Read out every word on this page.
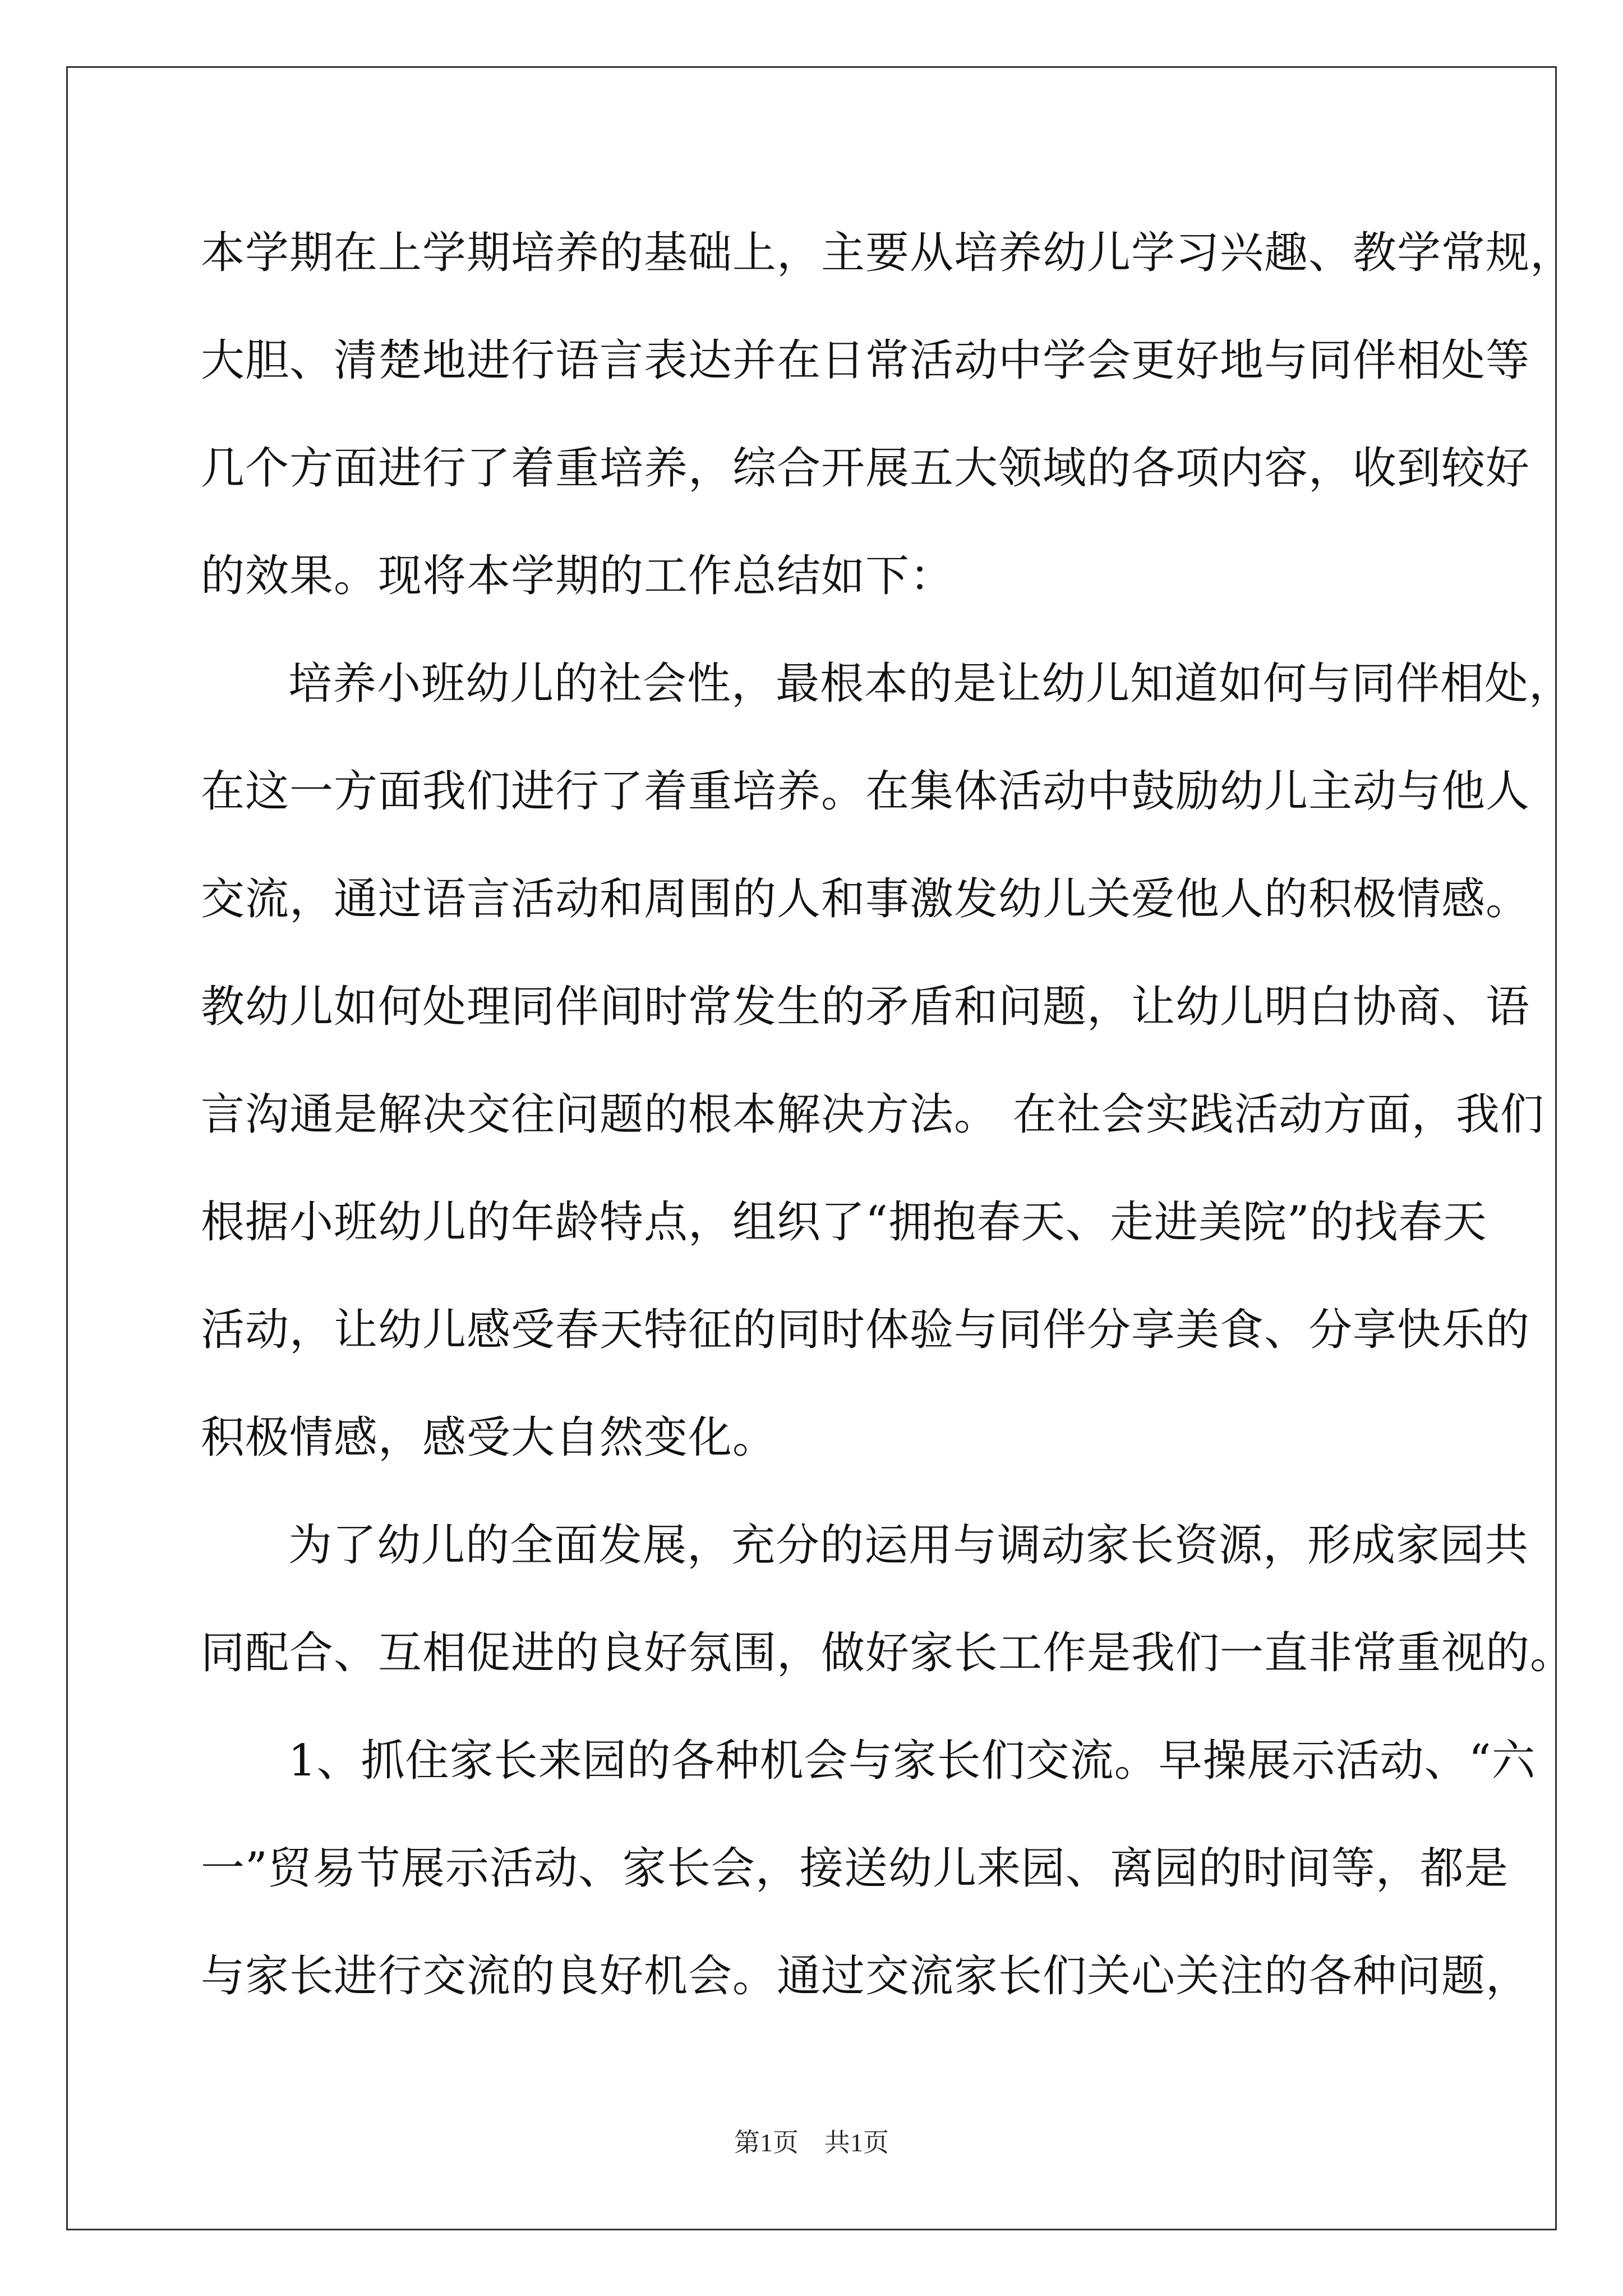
本学期在上学期培养的基础上，主要从培养幼儿学习兴趣、教学常规，
大胆、清楚地进行语言表达并在日常活动中学会更好地与同伴相处等
几个方面进行了着重培养，综合开展五大领域的各项内容，收到较好
的效果。现将本学期的工作总结如下：
培养小班幼儿的社会性，最根本的是让幼儿知道如何与同伴相处，
在这一方面我们进行了着重培养。在集体活动中鼓励幼儿主动与他人
交流，通过语言活动和周围的人和事激发幼儿关爱他人的积极情感。
教幼儿如何处理同伴间时常发生的矛盾和问题，让幼儿明白协商、语
言沟通是解决交往问题的根本解决方法。 在社会实践活动方面，我们
根据小班幼儿的年龄特点，组织了“拥抱春天、走进美院”的找春天
活动，让幼儿感受春天特征的同时体验与同伴分享美食、分享快乐的
积极情感，感受大自然变化。
为了幼儿的全面发展，充分的运用与调动家长资源，形成家园共
同配合、互相促进的良好氛围，做好家长工作是我们一直非常重视的。
1、抓住家长来园的各种机会与家长们交流。早操展示活动、“六
一”贸易节展示活动、家长会，接送幼儿来园、离园的时间等，都是
与家长进行交流的良好机会。通过交流家长们关心关注的各种问题，
第1页　共1页
